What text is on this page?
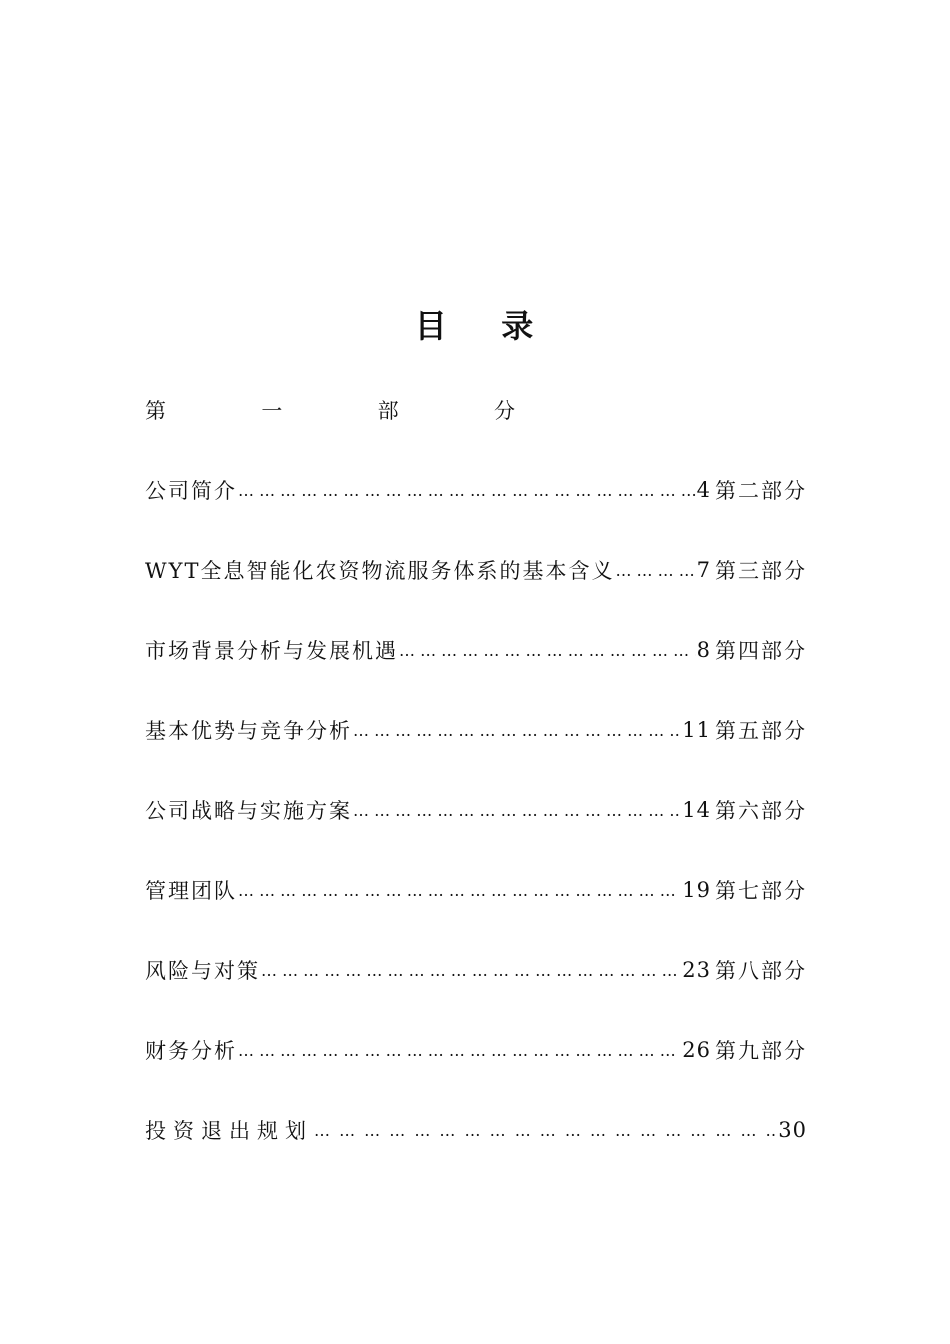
目    录
第	一	部	分
公司简介 … … … … … … … … … … … … … … … … … … … … … … … … … … … … … … … … … … … … … … … … … …	4 第二部分
WYT全息智能化农资物流服务体系的基本含义 … … … … … … … … … … … … … … … … … … … … … … … … … … … … … … … … … … … … … … … … … …	7 第三部分
市场背景分析与发展机遇 … … … … … … … … … … … … … … … … … … … … … … … … … … … … … … … … … … … … … … … … … …	8 第四部分
基本优势与竞争分析 … … … … … … … … … … … … … … … … … … … … … … … … … … … … … … … … … … … … … … … … … …	11 第五部分
公司战略与实施方案 … … … … … … … … … … … … … … … … … … … … … … … … … … … … … … … … … … … … … … … … … …	14 第六部分
管理团队 … … … … … … … … … … … … … … … … … … … … … … … … … … … … … … … … … … … … … … … … … …	19 第七部分
风险与对策 … … … … … … … … … … … … … … … … … … … … … … … … … … … … … … … … … … … … … … … … … …	23 第八部分
财务分析 … … … … … … … … … … … … … … … … … … … … … … … … … … … … … … … … … … … … … … … … … …	26 第九部分
投资退出规划 … … … … … … … … … … … … … … … … … … … … … … … … … … … … … … … … … … … … … … … … … …	30
